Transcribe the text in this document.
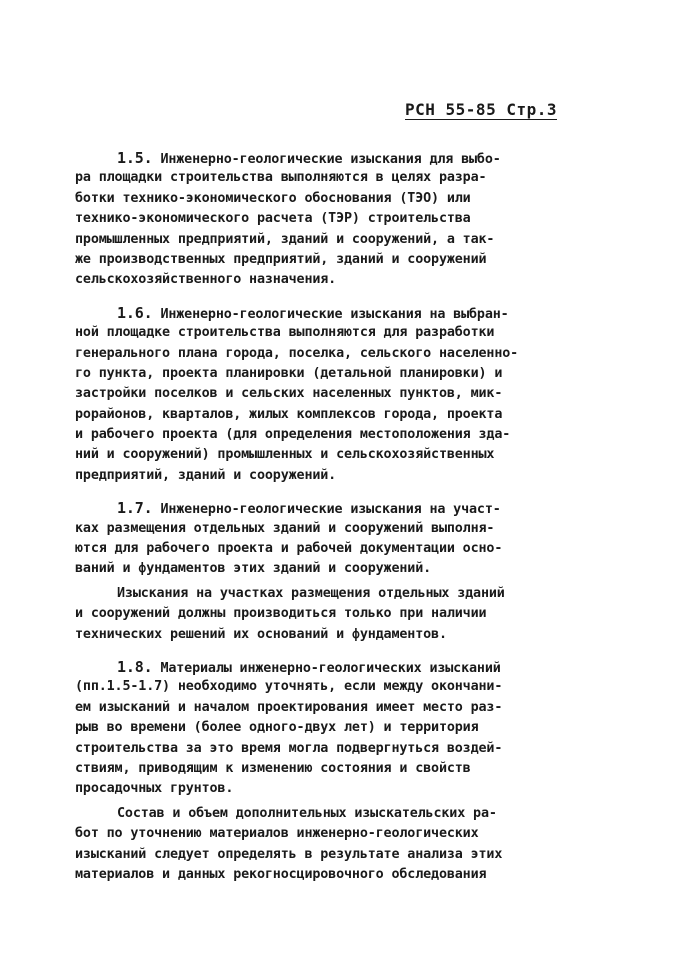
РСН 55-85 Стр.3
1.5. Инженерно-геологические изыскания для выбо-
ра площадки строительства выполняются в целях разра-
ботки технико-экономического обоснования (ТЭО) или
технико-экономического расчета (ТЭР) строительства
промышленных предприятий, зданий и сооружений, а так-
же производственных предприятий, зданий и сооружений
сельскохозяйственного назначения.
1.6. Инженерно-геологические изыскания на выбран-
ной площадке строительства выполняются для разработки
генерального плана города, поселка, сельского населенно-
го пункта, проекта планировки (детальной планировки) и
застройки поселков и сельских населенных пунктов, мик-
рорайонов, кварталов, жилых комплексов города, проекта
и рабочего проекта (для определения местоположения зда-
ний и сооружений) промышленных и сельскохозяйственных
предприятий, зданий и сооружений.
1.7. Инженерно-геологические изыскания на участ-
ках размещения отдельных зданий и сооружений выполня-
ются для рабочего проекта и рабочей документации осно-
ваний и фундаментов этих зданий и сооружений.
Изыскания на участках размещения отдельных зданий
и сооружений должны производиться только при наличии
технических решений их оснований и фундаментов.
1.8. Материалы инженерно-геологических изысканий
(пп.1.5-1.7) необходимо уточнять, если между окончани-
ем изысканий и началом проектирования имеет место раз-
рыв во времени (более одного-двух лет) и территория
строительства за это время могла подвергнуться воздей-
ствиям, приводящим к изменению состояния и свойств
просадочных грунтов.
Состав и объем дополнительных изыскательских ра-
бот по уточнению материалов инженерно-геологических
изысканий следует определять в результате анализа этих
материалов и данных рекогносцировочного обследования
